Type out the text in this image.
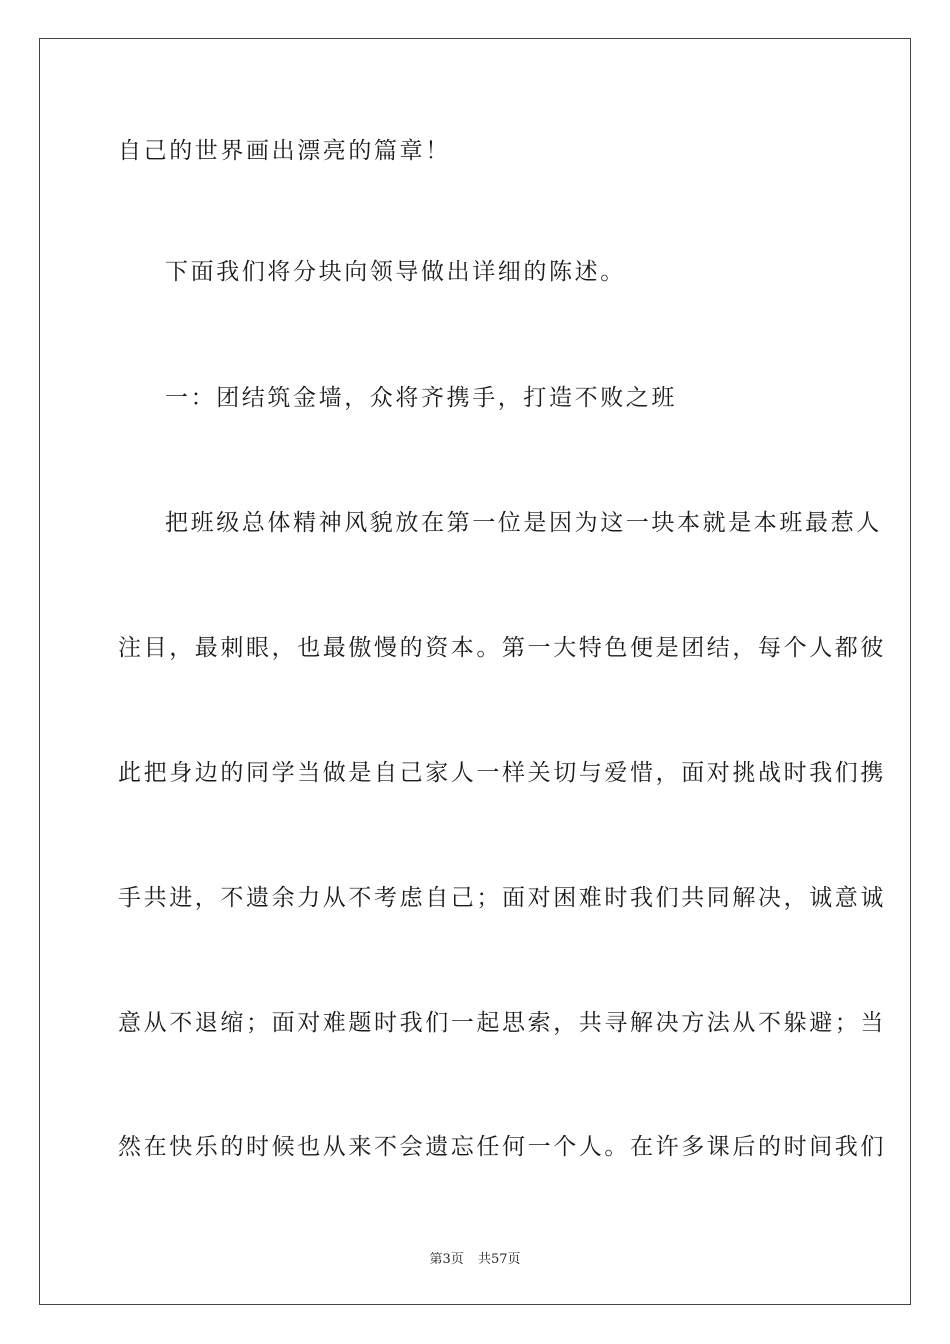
自己的世界画出漂亮的篇章！
下面我们将分块向领导做出详细的陈述。
一：团结筑金墙，众将齐携手，打造不败之班
把班级总体精神风貌放在第一位是因为这一块本就是本班最惹人
注目，最刺眼，也最傲慢的资本。第一大特色便是团结，每个人都彼
此把身边的同学当做是自己家人一样关切与爱惜，面对挑战时我们携
手共进，不遗余力从不考虑自己；面对困难时我们共同解决，诚意诚
意从不退缩；面对难题时我们一起思索，共寻解决方法从不躲避；当
然在快乐的时候也从来不会遗忘任何一个人。在许多课后的时间我们
第3页 共57页
